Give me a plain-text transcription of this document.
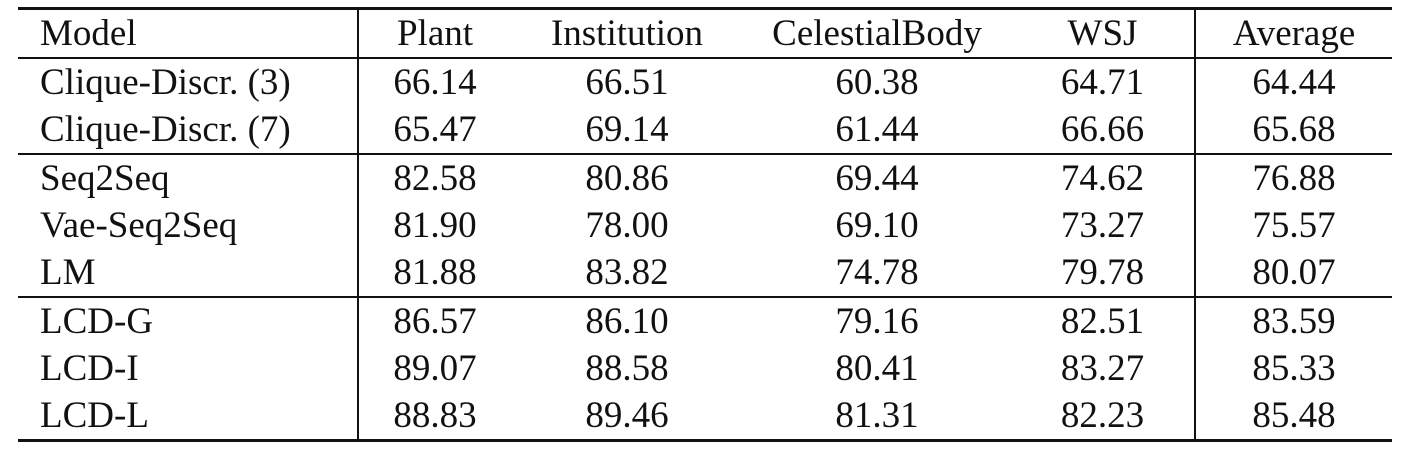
Model	Plant	Institution	CelestialBody	WSJ	Average
Clique-Discr. (3)	66.14	66.51	60.38	64.71	64.44
Clique-Discr. (7)	65.47	69.14	61.44	66.66	65.68
Seq2Seq	82.58	80.86	69.44	74.62	76.88
Vae-Seq2Seq	81.90	78.00	69.10	73.27	75.57
LM	81.88	83.82	74.78	79.78	80.07
LCD-G	86.57	86.10	79.16	82.51	83.59
LCD-I	89.07	88.58	80.41	83.27	85.33
LCD-L	88.83	89.46	81.31	82.23	85.48
